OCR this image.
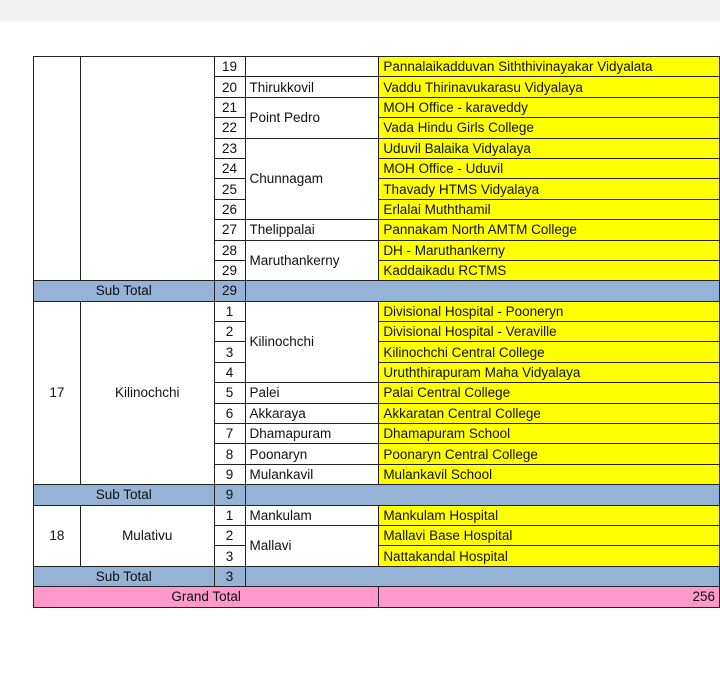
		19		Pannalaikadduvan Siththivinayakar Vidyalata
		20	Thirukkovil	Vaddu Thirinavukarasu Vidyalaya
		21	Point Pedro	MOH Office - karaveddy
		22		Vada Hindu Girls College
		23	Chunnagam	Uduvil Balaika Vidyalaya
		24		MOH Office - Uduvil
		25		Thavady HTMS Vidyalaya
		26		Erlalai Muththamil
		27	Thelippalai	Pannakam North AMTM College
		28	Maruthankerny	DH - Maruthankerny
		29		Kaddaikadu RCTMS
Sub Total		29		
17	Kilinochchi	1	Kilinochchi	Divisional Hospital - Pooneryn
		2		Divisional Hospital - Veraville
		3		Kilinochchi Central College
		4		Uruththirapuram Maha Vidyalaya
		5	Palei	Palai Central College
		6	Akkaraya	Akkaratan Central College
		7	Dhamapuram	Dhamapuram School
		8	Poonaryn	Poonaryn Central College
		9	Mulankavil	Mulankavil School
Sub Total		9		
18	Mulativu	1	Mankulam	Mankulam Hospital
		2	Mallavi	Mallavi Base Hospital
		3		Nattakandal Hospital
Sub Total		3		
Grand Total				256
